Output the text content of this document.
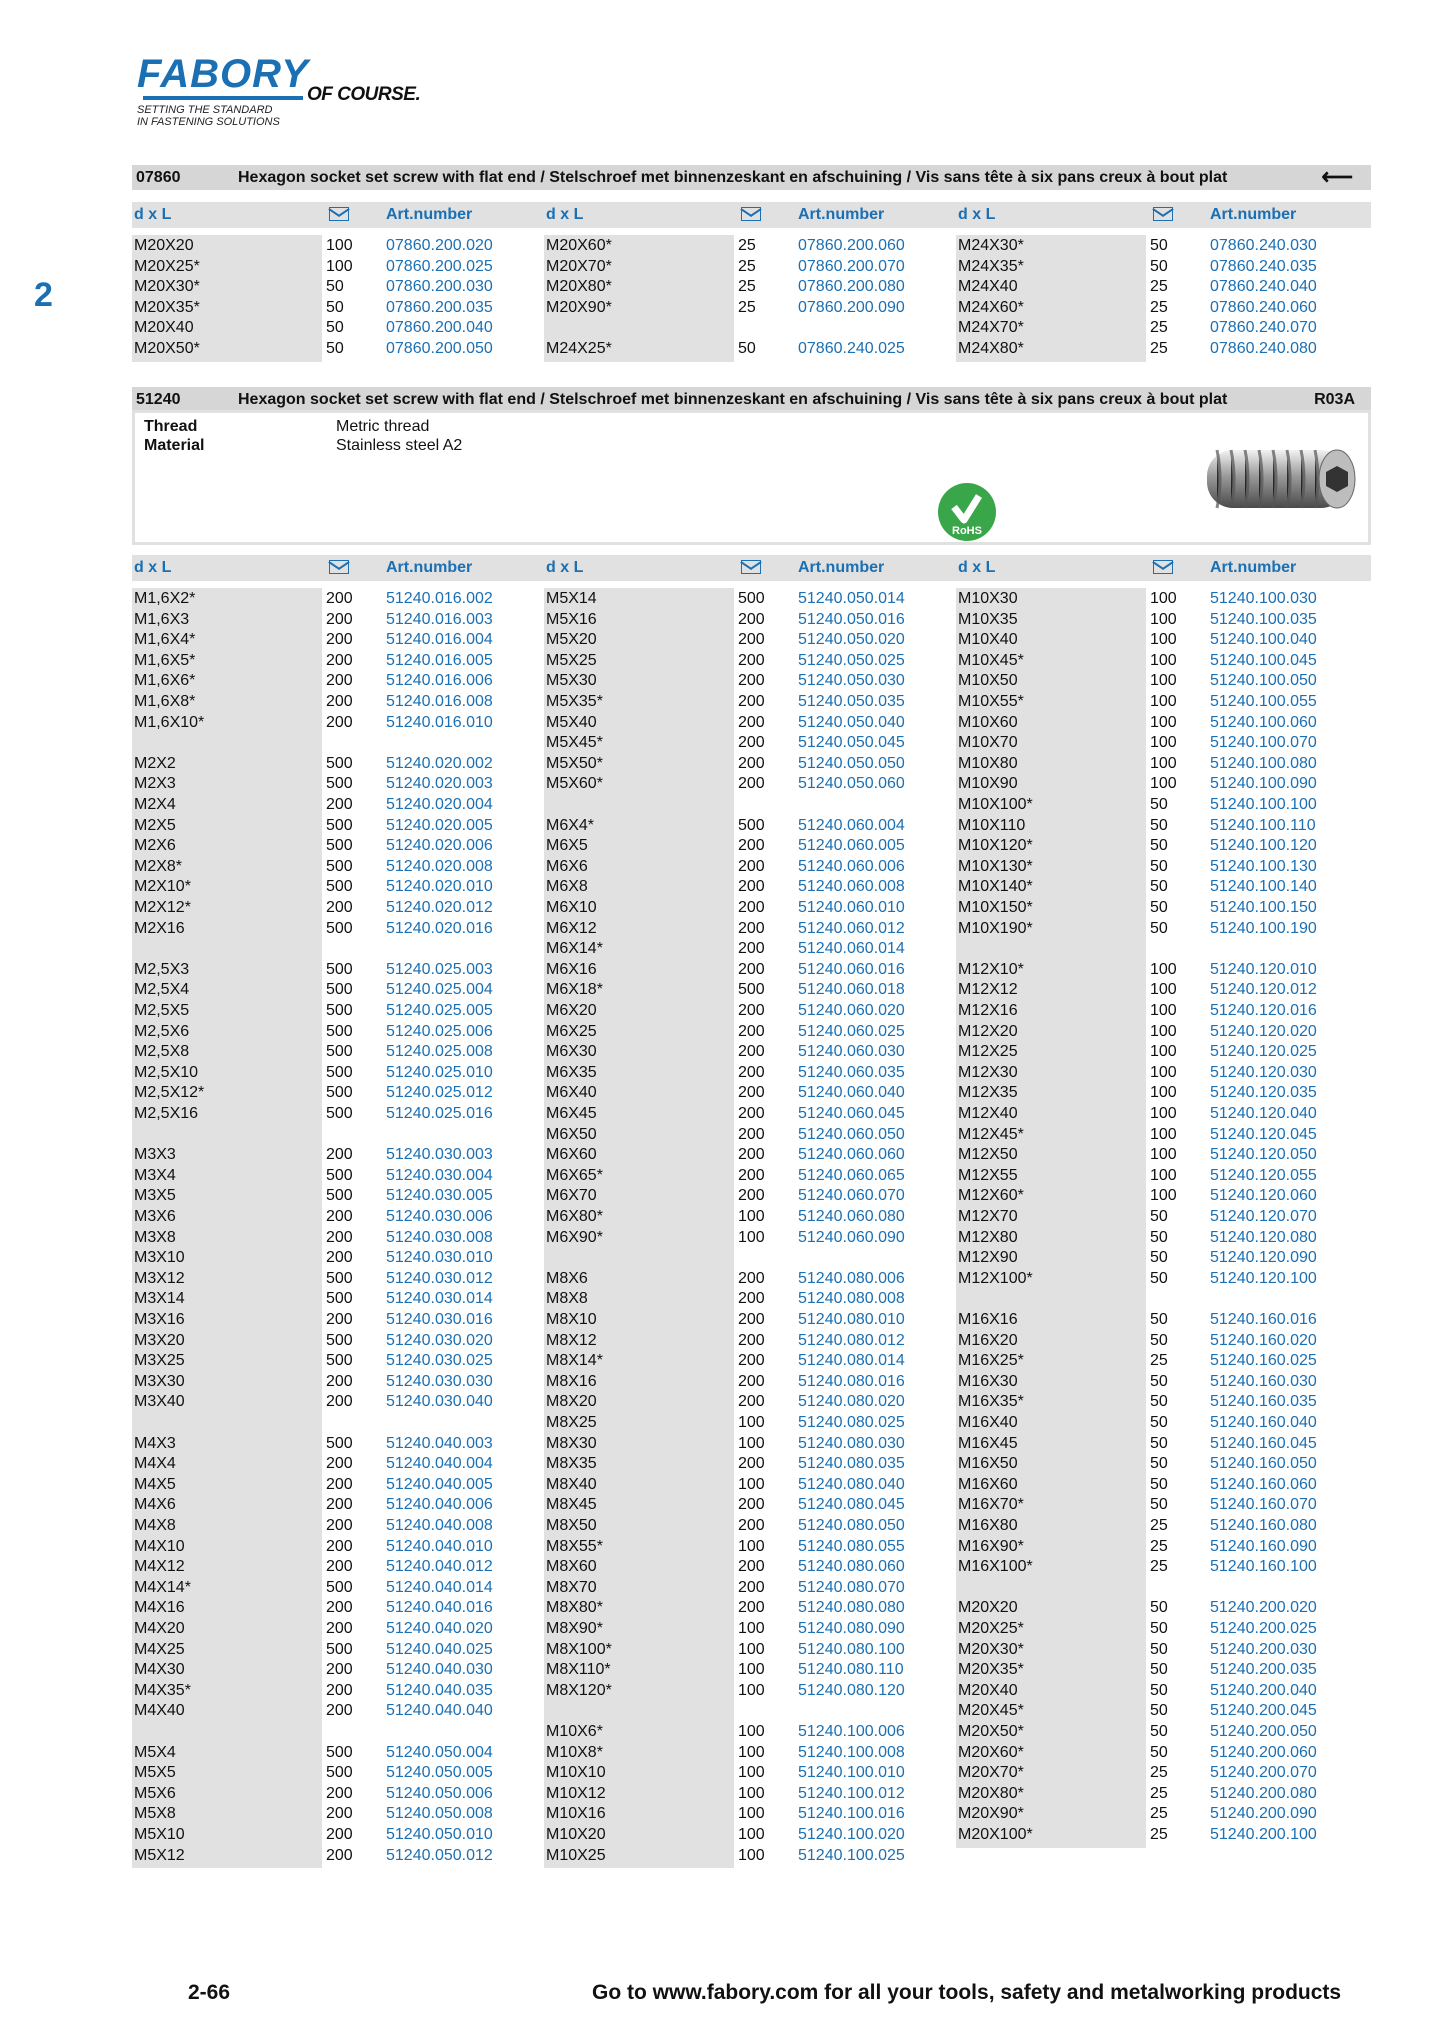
FABORY
OF COURSE.
SETTING THE STANDARD
IN FASTENING SOLUTIONS
2
07860	Hexagon socket set screw with flat end / Stelschroef met binnenzeskant en afschuining / Vis sans tête à six pans creux à bout plat	⟵
d x L	Art.number	d x L	Art.number	d x L	Art.number
M20X20	100 07860.200.020
M20X25*	100 07860.200.025
M20X30*	50	07860.200.030
M20X35*	50	07860.200.035
M20X40	50	07860.200.040
M20X50*	50	07860.200.050
M20X60*	25	07860.200.060
M20X70*	25	07860.200.070
M20X80*	25	07860.200.080
M20X90*	25	07860.200.090
M24X25*	50	07860.240.025
M24X30*	50	07860.240.030
M24X35*	50	07860.240.035
M24X40	25	07860.240.040
M24X60*	25	07860.240.060
M24X70*	25	07860.240.070
M24X80*	25	07860.240.080
51240	Hexagon socket set screw with flat end / Stelschroef met binnenzeskant en afschuining / Vis sans tête à six pans creux à bout plat	R03A
Thread	Metric thread
Material	Stainless steel A2
RoHS
d x L	Art.number	d x L	Art.number	d x L	Art.number
M1,6X2*	200 51240.016.002
M1,6X3	200 51240.016.003
M1,6X4*	200 51240.016.004
M1,6X5*	200 51240.016.005
M1,6X6*	200 51240.016.006
M1,6X8*	200 51240.016.008
M1,6X10*	200 51240.016.010
M2X2	500 51240.020.002
M2X3	500 51240.020.003
M2X4	200 51240.020.004
M2X5	500 51240.020.005
M2X6	500 51240.020.006
M2X8*	500 51240.020.008
M2X10*	500 51240.020.010
M2X12*	200 51240.020.012
M2X16	500 51240.020.016
M2,5X3	500 51240.025.003
M2,5X4	500 51240.025.004
M2,5X5	500 51240.025.005
M2,5X6	500 51240.025.006
M2,5X8	500 51240.025.008
M2,5X10	500 51240.025.010
M2,5X12*	500 51240.025.012
M2,5X16	500 51240.025.016
M3X3	200 51240.030.003
M3X4	500 51240.030.004
M3X5	500 51240.030.005
M3X6	200 51240.030.006
M3X8	200 51240.030.008
M3X10	200 51240.030.010
M3X12	500 51240.030.012
M3X14	500 51240.030.014
M3X16	200 51240.030.016
M3X20	500 51240.030.020
M3X25	500 51240.030.025
M3X30	200 51240.030.030
M3X40	200 51240.030.040
M4X3	500 51240.040.003
M4X4	200 51240.040.004
M4X5	200 51240.040.005
M4X6	200 51240.040.006
M4X8	200 51240.040.008
M4X10	200 51240.040.010
M4X12	200 51240.040.012
M4X14*	500 51240.040.014
M4X16	200 51240.040.016
M4X20	200 51240.040.020
M4X25	500 51240.040.025
M4X30	200 51240.040.030
M4X35*	200 51240.040.035
M4X40	200 51240.040.040
M5X4	500 51240.050.004
M5X5	500 51240.050.005
M5X6	200 51240.050.006
M5X8	200 51240.050.008
M5X10	200 51240.050.010
M5X12	200 51240.050.012
M5X14	500 51240.050.014
M5X16	200 51240.050.016
M5X20	200 51240.050.020
M5X25	200 51240.050.025
M5X30	200 51240.050.030
M5X35*	200 51240.050.035
M5X40	200 51240.050.040
M5X45*	200 51240.050.045
M5X50*	200 51240.050.050
M5X60*	200 51240.050.060
M6X4*	500 51240.060.004
M6X5	200 51240.060.005
M6X6	200 51240.060.006
M6X8	200 51240.060.008
M6X10	200 51240.060.010
M6X12	200 51240.060.012
M6X14*	200 51240.060.014
M6X16	200 51240.060.016
M6X18*	500 51240.060.018
M6X20	200 51240.060.020
M6X25	200 51240.060.025
M6X30	200 51240.060.030
M6X35	200 51240.060.035
M6X40	200 51240.060.040
M6X45	200 51240.060.045
M6X50	200 51240.060.050
M6X60	200 51240.060.060
M6X65*	200 51240.060.065
M6X70	200 51240.060.070
M6X80*	100 51240.060.080
M6X90*	100 51240.060.090
M8X6	200 51240.080.006
M8X8	200 51240.080.008
M8X10	200 51240.080.010
M8X12	200 51240.080.012
M8X14*	200 51240.080.014
M8X16	200 51240.080.016
M8X20	200 51240.080.020
M8X25	100 51240.080.025
M8X30	100 51240.080.030
M8X35	200 51240.080.035
M8X40	100 51240.080.040
M8X45	200 51240.080.045
M8X50	200 51240.080.050
M8X55*	100 51240.080.055
M8X60	200 51240.080.060
M8X70	200 51240.080.070
M8X80*	200 51240.080.080
M8X90*	100 51240.080.090
M8X100*	100 51240.080.100
M8X110*	100 51240.080.110
M8X120*	100 51240.080.120
M10X6*	100 51240.100.006
M10X8*	100 51240.100.008
M10X10	100 51240.100.010
M10X12	100 51240.100.012
M10X16	100 51240.100.016
M10X20	100 51240.100.020
M10X25	100 51240.100.025
M10X30	100 51240.100.030
M10X35	100 51240.100.035
M10X40	100 51240.100.040
M10X45*	100 51240.100.045
M10X50	100 51240.100.050
M10X55*	100 51240.100.055
M10X60	100 51240.100.060
M10X70	100 51240.100.070
M10X80	100 51240.100.080
M10X90	100 51240.100.090
M10X100*	50	51240.100.100
M10X110	50	51240.100.110
M10X120*	50	51240.100.120
M10X130*	50	51240.100.130
M10X140*	50	51240.100.140
M10X150*	50	51240.100.150
M10X190*	50	51240.100.190
M12X10*	100 51240.120.010
M12X12	100 51240.120.012
M12X16	100 51240.120.016
M12X20	100 51240.120.020
M12X25	100 51240.120.025
M12X30	100 51240.120.030
M12X35	100 51240.120.035
M12X40	100 51240.120.040
M12X45*	100 51240.120.045
M12X50	100 51240.120.050
M12X55	100 51240.120.055
M12X60*	100 51240.120.060
M12X70	50	51240.120.070
M12X80	50	51240.120.080
M12X90	50	51240.120.090
M12X100*	50	51240.120.100
M16X16	50	51240.160.016
M16X20	50	51240.160.020
M16X25*	25	51240.160.025
M16X30	50	51240.160.030
M16X35*	50	51240.160.035
M16X40	50	51240.160.040
M16X45	50	51240.160.045
M16X50	50	51240.160.050
M16X60	50	51240.160.060
M16X70*	50	51240.160.070
M16X80	25	51240.160.080
M16X90*	25	51240.160.090
M16X100*	25	51240.160.100
M20X20	50	51240.200.020
M20X25*	50	51240.200.025
M20X30*	50	51240.200.030
M20X35*	50	51240.200.035
M20X40	50	51240.200.040
M20X45*	50	51240.200.045
M20X50*	50	51240.200.050
M20X60*	50	51240.200.060
M20X70*	25	51240.200.070
M20X80*	25	51240.200.080
M20X90*	25	51240.200.090
M20X100*	25	51240.200.100
2-66	Go to www.fabory.com for all your tools, safety and metalworking products
